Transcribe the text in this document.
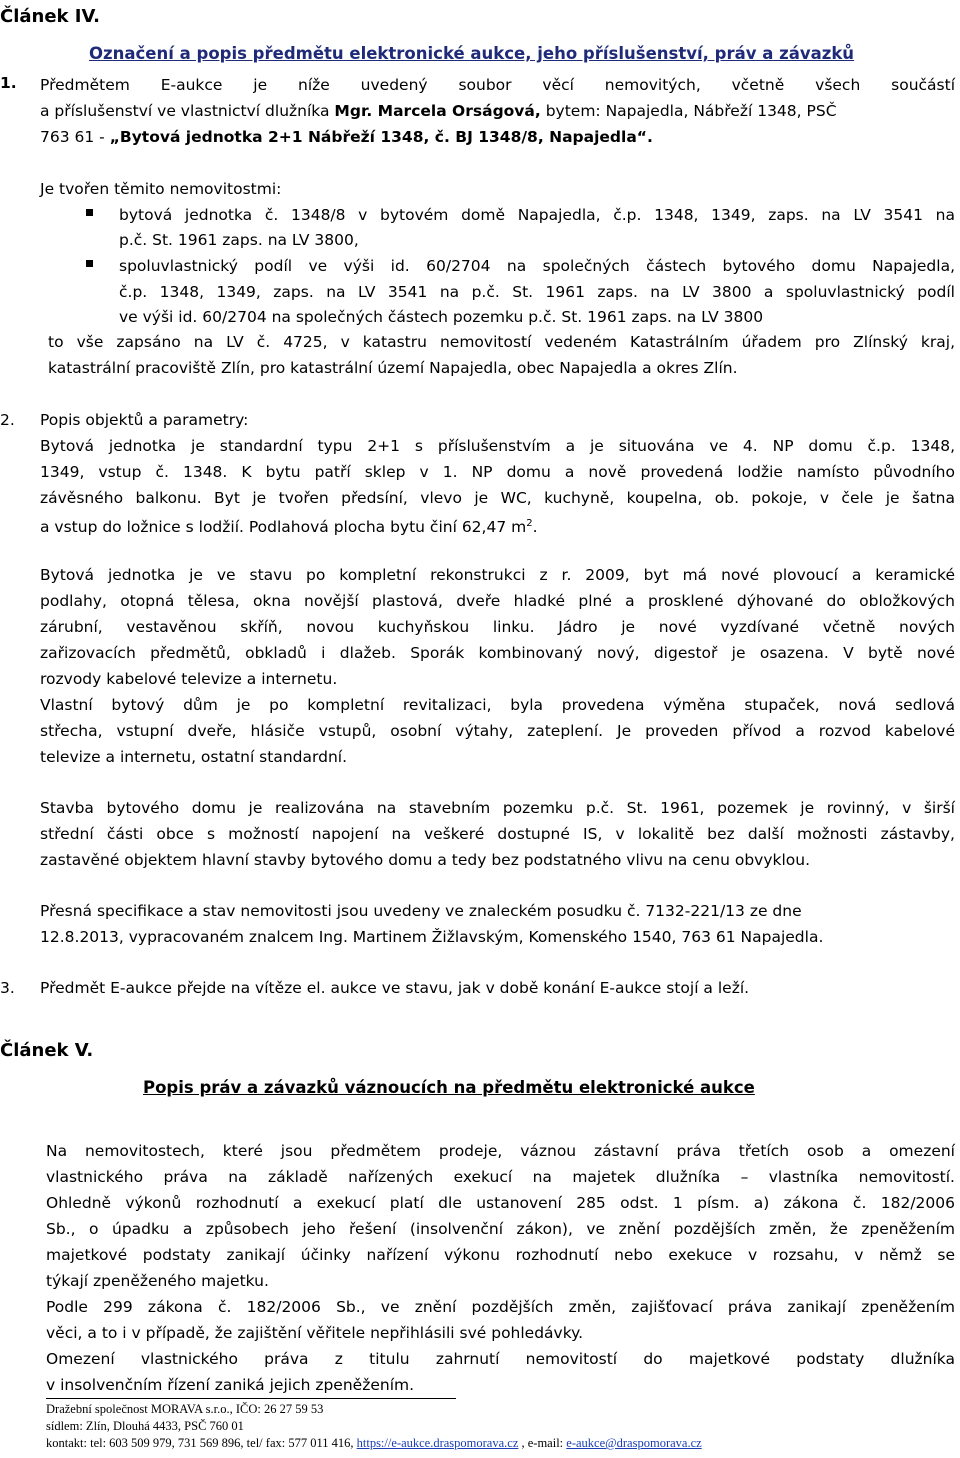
Článek IV.
Označení a popis předmětu elektronické aukce, jeho příslušenství, práv a závazků
1. Předmětem E-aukce je níže uvedený soubor věcí nemovitých, včetně všech součástí
a příslušenství ve vlastnictví dlužníka Mgr. Marcela Orságová, bytem: Napajedla, Nábřeží 1348, PSČ
763 61 - „Bytová jednotka 2+1 Nábřeží 1348, č. BJ 1348/8, Napajedla“.
Je tvořen těmito nemovitostmi:
bytová jednotka č. 1348/8 v bytovém domě Napajedla, č.p. 1348, 1349, zaps. na LV 3541 na
p.č. St. 1961 zaps. na LV 3800,
spoluvlastnický podíl ve výši id. 60/2704 na společných částech bytového domu Napajedla,
č.p. 1348, 1349, zaps. na LV 3541 na p.č. St. 1961 zaps. na LV 3800 a spoluvlastnický podíl
ve výši id. 60/2704 na společných částech pozemku p.č. St. 1961 zaps. na LV 3800
to vše zapsáno na LV č. 4725, v katastru nemovitostí vedeném Katastrálním úřadem pro Zlínský kraj,
katastrální pracoviště Zlín, pro katastrální území Napajedla, obec Napajedla a okres Zlín.
2. Popis objektů a parametry:
Bytová jednotka je standardní typu 2+1 s příslušenstvím a je situována ve 4. NP domu č.p. 1348,
1349, vstup č. 1348. K bytu patří sklep v 1. NP domu a nově provedená lodžie namísto původního
závěsného balkonu. Byt je tvořen předsíní, vlevo je WC, kuchyně, koupelna, ob. pokoje, v čele je šatna
a vstup do ložnice s lodžií. Podlahová plocha bytu činí 62,47 $m^2$.
Bytová jednotka je ve stavu po kompletní rekonstrukci z r. 2009, byt má nové plovoucí a keramické
podlahy, otopná tělesa, okna novější plastová, dveře hladké plné a prosklené dýhované do obložkových
zárubní, vestavěnou skříň, novou kuchyňskou linku. Jádro je nové vyzdívané včetně nových
zařizovacích předmětů, obkladů i dlažeb. Sporák kombinovaný nový, digestoř je osazena. V bytě nové
rozvody kabelové televize a internetu.
Vlastní bytový dům je po kompletní revitalizaci, byla provedena výměna stupaček, nová sedlová
střecha, vstupní dveře, hlásiče vstupů, osobní výtahy, zateplení. Je proveden přívod a rozvod kabelové
televize a internetu, ostatní standardní.
Stavba bytového domu je realizována na stavebním pozemku p.č. St. 1961, pozemek je rovinný, v širší
střední části obce s možností napojení na veškeré dostupné IS, v lokalitě bez další možnosti zástavby,
zastavěné objektem hlavní stavby bytového domu a tedy bez podstatného vlivu na cenu obvyklou.
Přesná specifikace a stav nemovitosti jsou uvedeny ve znaleckém posudku č. 7132-221/13 ze dne
12.8.2013, vypracovaném znalcem Ing. Martinem Žižlavským, Komenského 1540, 763 61 Napajedla.
3. Předmět E-aukce přejde na vítěze el. aukce ve stavu, jak v době konání E-aukce stojí a leží.
Článek V.
Popis práv a závazků váznoucích na předmětu elektronické aukce
Na nemovitostech, které jsou předmětem prodeje, váznou zástavní práva třetích osob a omezení
vlastnického práva na základě nařízených exekucí na majetek dlužníka – vlastníka nemovitostí.
Ohledně výkonů rozhodnutí a exekucí platí dle ustanovení 285 odst. 1 písm. a) zákona č. 182/2006
Sb., o úpadku a způsobech jeho řešení (insolvenční zákon), ve znění pozdějších změn, že zpeněžením
majetkové podstaty zanikají účinky nařízení výkonu rozhodnutí nebo exekuce v rozsahu, v němž se
týkají zpeněženého majetku.
Podle 299 zákona č. 182/2006 Sb., ve znění pozdějších změn, zajišťovací práva zanikají zpeněžením
věci, a to i v případě, že zajištění věřitele nepřihlásili své pohledávky.
Omezení vlastnického práva z titulu zahrnutí nemovitostí do majetkové podstaty dlužníka
v insolvenčním řízení zaniká jejich zpeněžením.
Dražební společnost MORAVA s.r.o., IČO: 26 27 59 53
sídlem: Zlín, Dlouhá 4433, PSČ 760 01
kontakt: tel: 603 509 979, 731 569 896, tel/ fax: 577 011 416, https://e-aukce.draspomorava.cz , e-mail: e-aukce@draspomorava.cz
